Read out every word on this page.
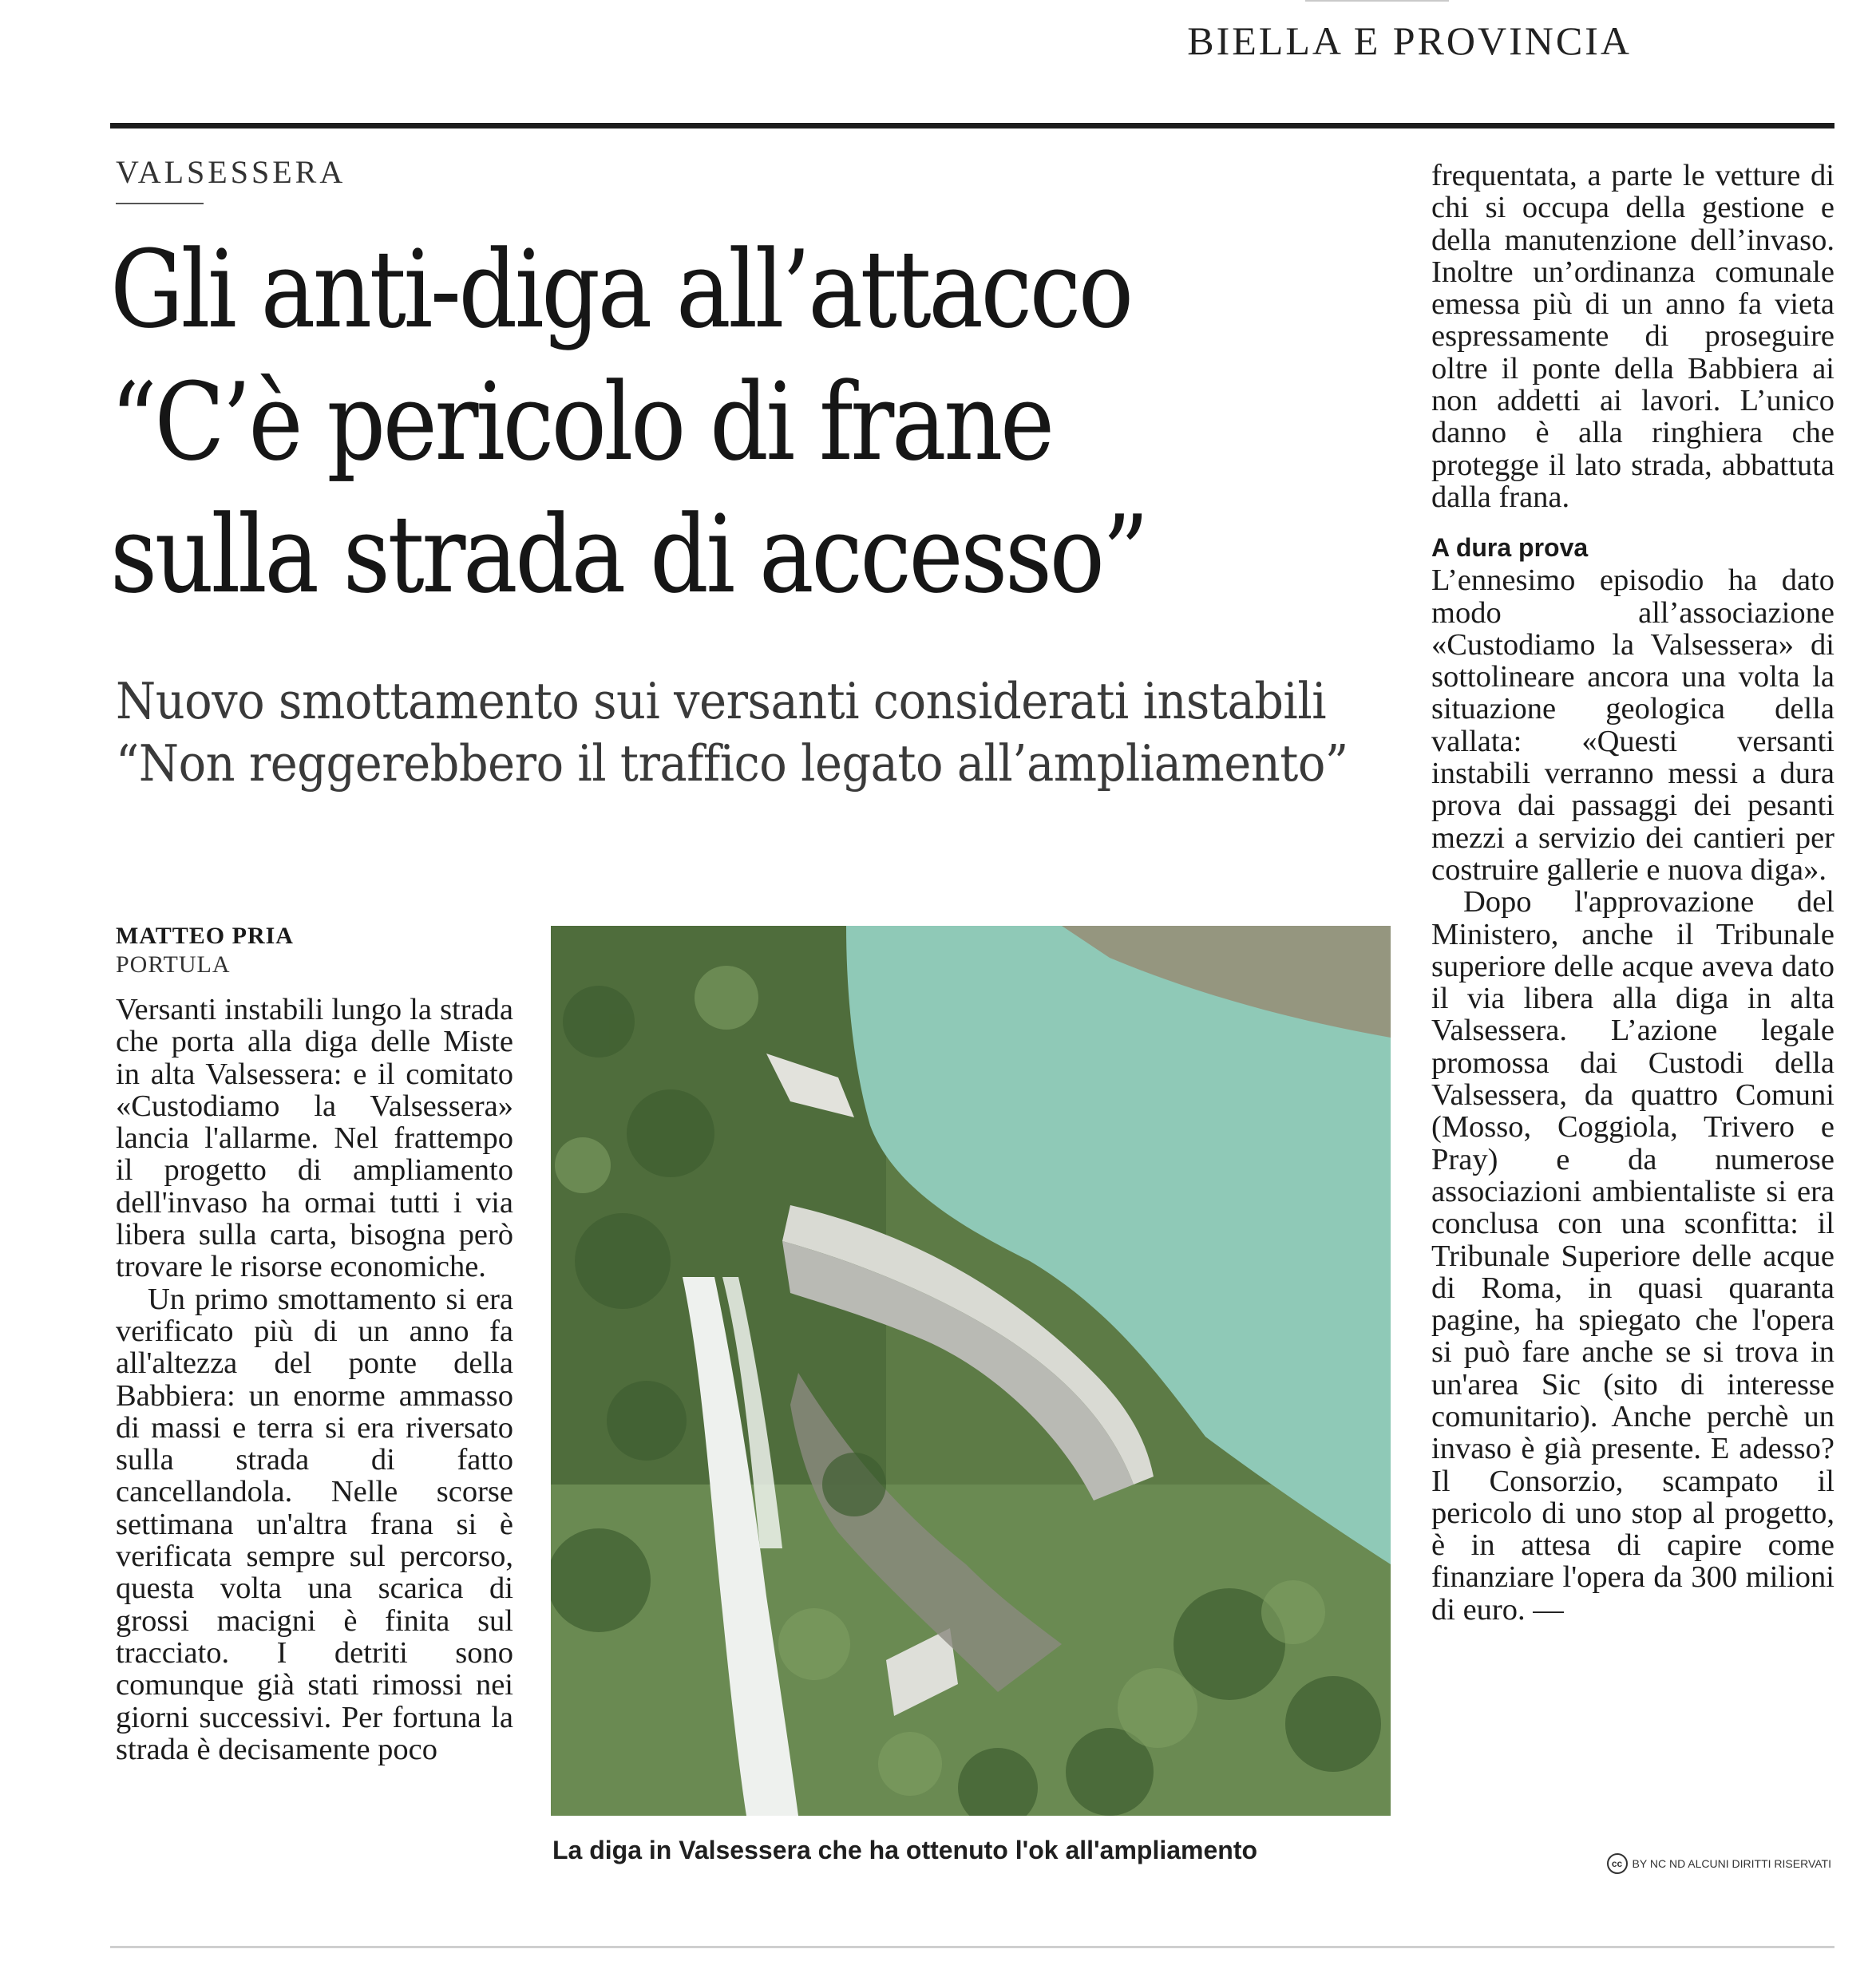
BIELLA E PROVINCIA
VALSESSERA
Gli anti-diga all’attacco
“C’è pericolo di frane
sulla strada di accesso”
Nuovo smottamento sui versanti considerati instabili
“Non reggerebbero il traffico legato all’ampliamento”
MATTEO PRIA
PORTULA

Versanti instabili lungo la strada che porta alla diga delle Miste in alta Valsessera: e il comitato «Custodiamo la Valsessera» lancia l'allarme. Nel frattempo il progetto di ampliamento dell'invaso ha ormai tutti i via libera sulla carta, bisogna però trovare le risorse economiche.

Un primo smottamento si era verificato più di un anno fa all'altezza del ponte della Babbiera: un enorme ammasso di massi e terra si era riversato sulla strada di fatto cancellandola. Nelle scorse settimana un'altra frana si è verificata sempre sul percorso, questa volta una scarica di grossi macigni è finita sul tracciato. I detriti sono comunque già stati rimossi nei giorni successivi. Per fortuna la strada è decisamente poco

La diga in Valsessera che ha ottenuto l'ok all'ampliamento

frequentata, a parte le vetture di chi si occupa della gestione e della manutenzione dell’invaso. Inoltre un’ordinanza comunale emessa più di un anno fa vieta espressamente di proseguire oltre il ponte della Babbiera ai non addetti ai lavori. L’unico danno è alla ringhiera che protegge il lato strada, abbattuta dalla frana.

A dura prova

L’ennesimo episodio ha dato modo all’associazione «Custodiamo la Valsessera» di sottolineare ancora una volta la situazione geologica della vallata: «Questi versanti instabili verranno messi a dura prova dai passaggi dei pesanti mezzi a servizio dei cantieri per costruire gallerie e nuova diga».

Dopo l'approvazione del Ministero, anche il Tribunale superiore delle acque aveva dato il via libera alla diga in alta Valsessera. L’azione legale promossa dai Custodi della Valsessera, da quattro Comuni (Mosso, Coggiola, Trivero e Pray) e da numerose associazioni ambientaliste si era conclusa con una sconfitta: il Tribunale Superiore delle acque di Roma, in quasi quaranta pagine, ha spiegato che l'opera si può fare anche se si trova in un'area Sic (sito di interesse comunitario). Anche perchè un invaso è già presente. E adesso? Il Consorzio, scampato il pericolo di uno stop al progetto, è in attesa di capire come finanziare l'opera da 300 milioni di euro. —

cc BY NC ND ALCUNI DIRITTI RISERVATI
